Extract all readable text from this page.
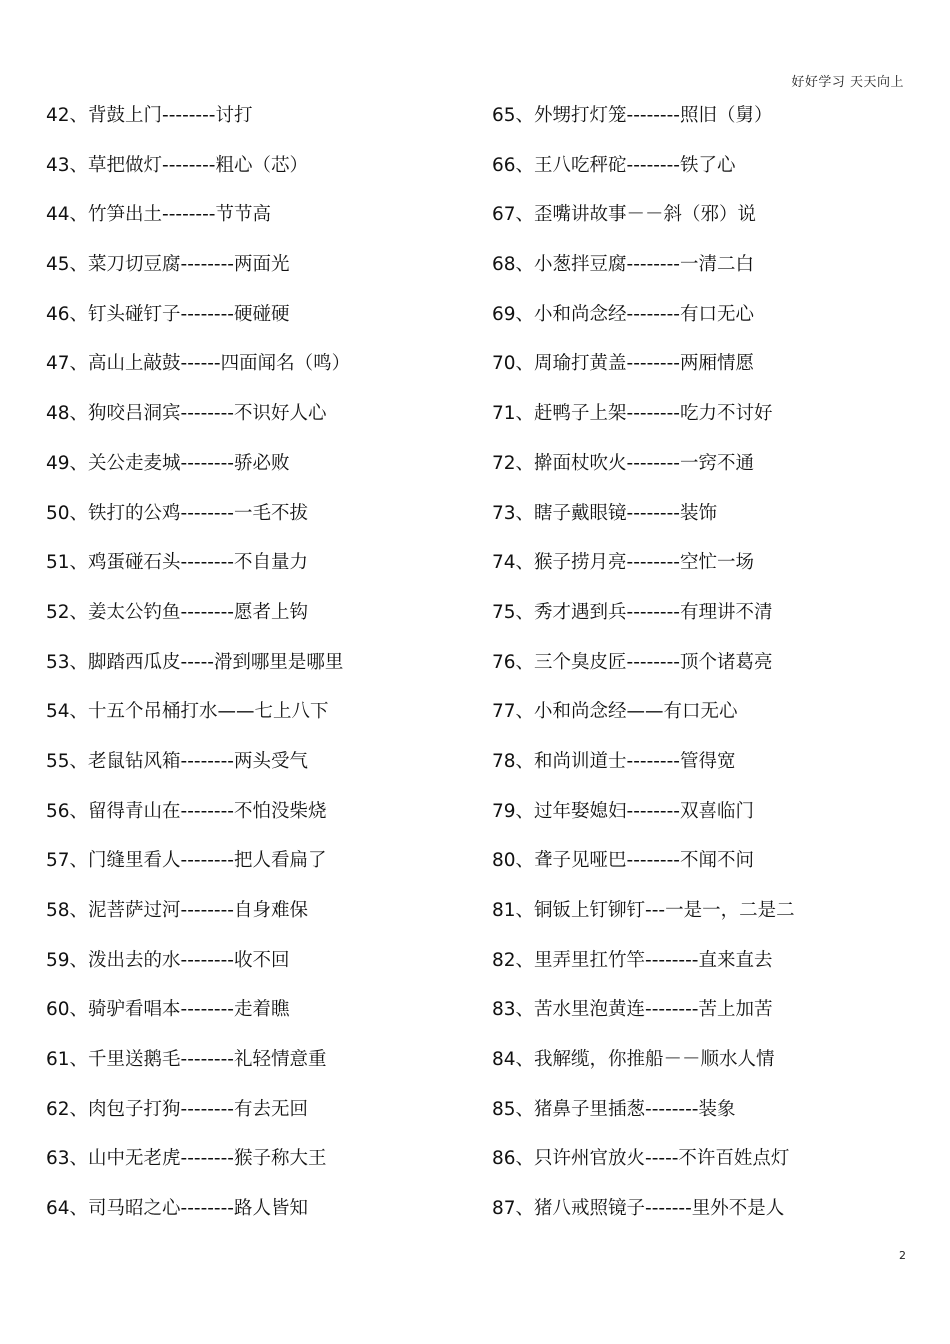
好好学习 天天向上
42、背鼓上门--------讨打
43、草把做灯--------粗心（芯）
44、竹笋出土--------节节高
45、菜刀切豆腐--------两面光
46、钉头碰钉子--------硬碰硬
47、高山上敲鼓------四面闻名（鸣）
48、狗咬吕洞宾--------不识好人心
49、关公走麦城--------骄必败
50、铁打的公鸡--------一毛不拔
51、鸡蛋碰石头--------不自量力
52、姜太公钓鱼--------愿者上钩
53、脚踏西瓜皮-----滑到哪里是哪里
54、十五个吊桶打水——七上八下
55、老鼠钻风箱--------两头受气
56、留得青山在--------不怕没柴烧
57、门缝里看人--------把人看扁了
58、泥菩萨过河--------自身难保
59、泼出去的水--------收不回
60、骑驴看唱本--------走着瞧
61、千里送鹅毛--------礼轻情意重
62、肉包子打狗--------有去无回
63、山中无老虎--------猴子称大王
64、司马昭之心--------路人皆知
65、外甥打灯笼--------照旧（舅）
66、王八吃秤砣--------铁了心
67、歪嘴讲故事－－斜（邪）说
68、小葱拌豆腐--------一清二白
69、小和尚念经--------有口无心
70、周瑜打黄盖--------两厢情愿
71、赶鸭子上架--------吃力不讨好
72、擀面杖吹火--------一窍不通
73、瞎子戴眼镜--------装饰
74、猴子捞月亮--------空忙一场
75、秀才遇到兵--------有理讲不清
76、三个臭皮匠--------顶个诸葛亮
77、小和尚念经——有口无心
78、和尚训道士--------管得宽
79、过年娶媳妇--------双喜临门
80、聋子见哑巴--------不闻不问
81、铜钣上钉铆钉---一是一，二是二
82、里弄里扛竹竿--------直来直去
83、苦水里泡黄连--------苦上加苦
84、我解缆，你推船－－顺水人情
85、猪鼻子里插葱--------装象
86、只许州官放火-----不许百姓点灯
87、猪八戒照镜子-------里外不是人
2
